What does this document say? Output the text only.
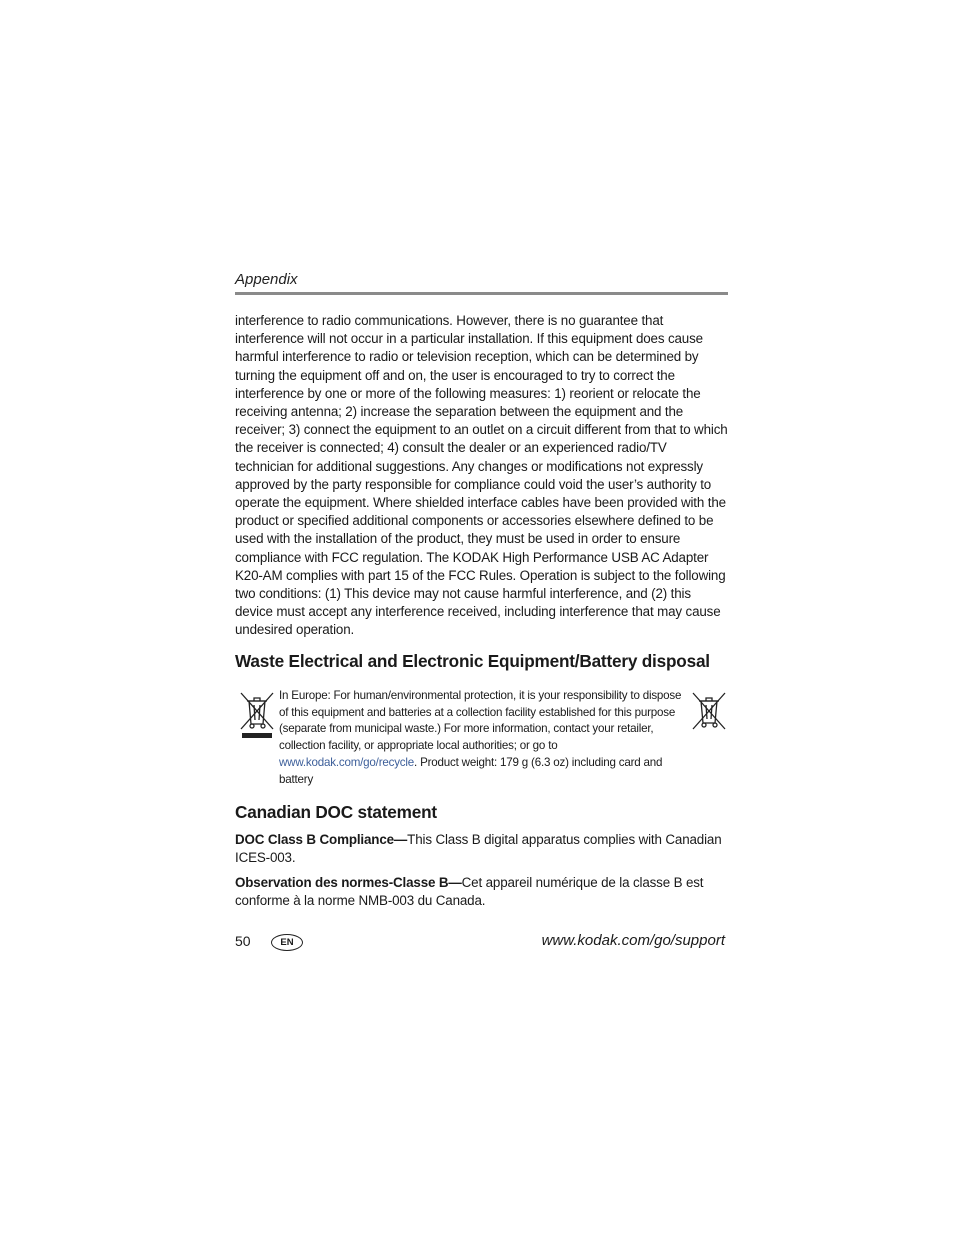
Appendix

interference to radio communications. However, there is no guarantee that interference will not occur in a particular installation. If this equipment does cause harmful interference to radio or television reception, which can be determined by turning the equipment off and on, the user is encouraged to try to correct the interference by one or more of the following measures: 1) reorient or relocate the receiving antenna; 2) increase the separation between the equipment and the receiver; 3) connect the equipment to an outlet on a circuit different from that to which the receiver is connected; 4) consult the dealer or an experienced radio/TV technician for additional suggestions. Any changes or modifications not expressly approved by the party responsible for compliance could void the user’s authority to operate the equipment. Where shielded interface cables have been provided with the product or specified additional components or accessories elsewhere defined to be used with the installation of the product, they must be used in order to ensure compliance with FCC regulation. The KODAK High Performance USB AC Adapter K20-AM complies with part 15 of the FCC Rules. Operation is subject to the following two conditions: (1) This device may not cause harmful interference, and (2) this device must accept any interference received, including interference that may cause undesired operation.

Waste Electrical and Electronic Equipment/Battery disposal

In Europe: For human/environmental protection, it is your responsibility to dispose of this equipment and batteries at a collection facility established for this purpose (separate from municipal waste.) For more information, contact your retailer, collection facility, or appropriate local authorities; or go to www.kodak.com/go/recycle. Product weight: 179 g (6.3 oz) including card and battery

Canadian DOC statement

DOC Class B Compliance—This Class B digital apparatus complies with Canadian ICES-003.

Observation des normes-Classe B—Cet appareil numérique de la classe B est conforme à la norme NMB-003 du Canada.

50	EN	www.kodak.com/go/support
